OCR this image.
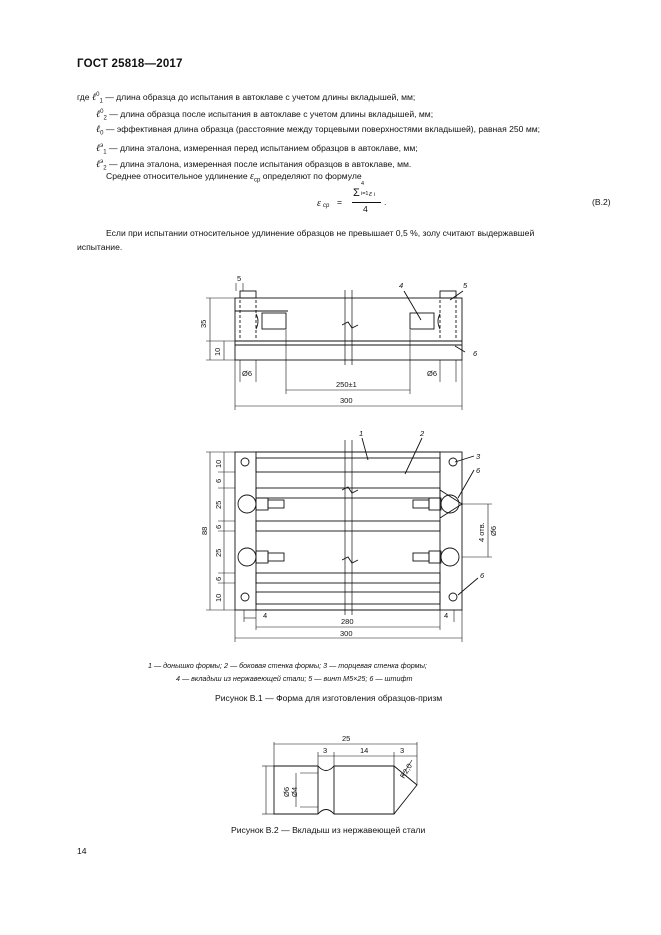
ГОСТ 25818—2017
где ℓ$^0_1$ — длина образца до испытания в автоклаве с учетом длины вкладышей, мм;
ℓ$^0_2$ — длина образца после испытания в автоклаве с учетом длины вкладышей, мм;
ℓ$_0$ — эффективная длина образца (расстояние между торцевыми поверхностями вкладышей), равная 250 мм;
ℓ$^э_1$ — длина эталона, измеренная перед испытанием образцов в автоклаве, мм;
ℓ$^э_2$ — длина эталона, измеренная после испытания образцов в автоклаве, мм.
Среднее относительное удлинение $\varepsilon_{ср}$ определяют по формуле
ε ср =
Σ
4
i=1 ε i
4
.	(В.2)
Если при испытании относительное удлинение образцов не превышает 0,5 %, золу считают выдержавшей
испытание.
5
4	5
6
35
10
Ø6	Ø6
250±1
300
1	2
3
6
6
10
6
25
6
25
6
10
88	4 отв. Ø6
4	4
280
300
25
3	14	3
R2,0
Ø6 Ø4
1 — донышко формы; 2 — боковая стенка формы; 3 — торцевая стенка формы;
4 — вкладыш из нержавеющей стали; 5 — винт М5×25; 6 — штифт
Рисунок В.1 — Форма для изготовления образцов-призм
Рисунок В.2 — Вкладыш из нержавеющей стали
14
